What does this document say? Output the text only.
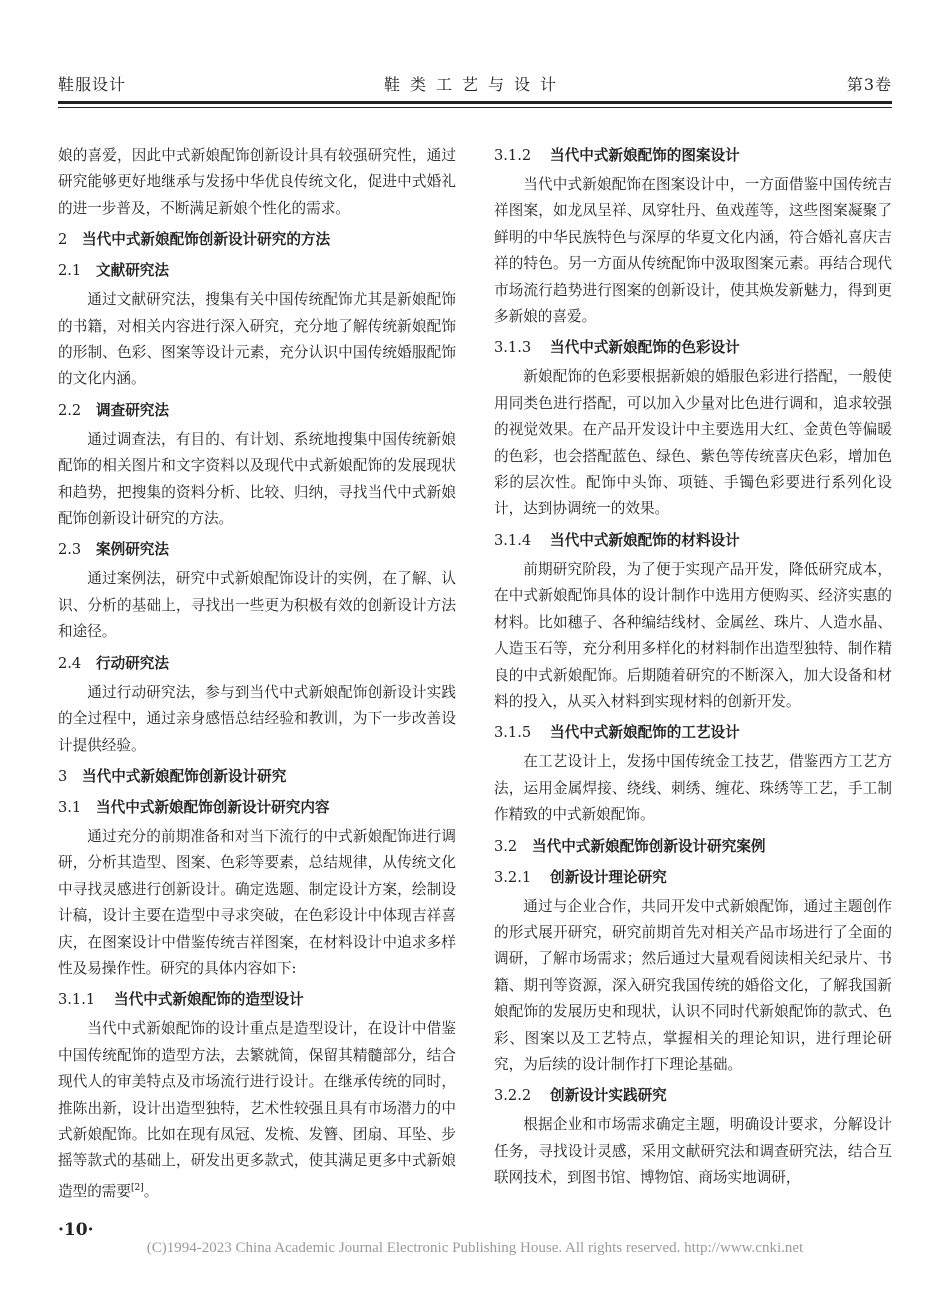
鞋服设计	鞋类工艺与设计	第3卷

娘的喜爱，因此中式新娘配饰创新设计具有较强研究性，通过研究能够更好地继承与发扬中华优良传统文化，促进中式婚礼的进一步普及，不断满足新娘个性化的需求。

2 当代中式新娘配饰创新设计研究的方法
2.1 文献研究法

通过文献研究法，搜集有关中国传统配饰尤其是新娘配饰的书籍，对相关内容进行深入研究，充分地了解传统新娘配饰的形制、色彩、图案等设计元素，充分认识中国传统婚服配饰的文化内涵。

2.2 调查研究法

通过调查法，有目的、有计划、系统地搜集中国传统新娘配饰的相关图片和文字资料以及现代中式新娘配饰的发展现状和趋势，把搜集的资料分析、比较、归纳，寻找当代中式新娘配饰创新设计研究的方法。

2.3 案例研究法

通过案例法，研究中式新娘配饰设计的实例，在了解、认识、分析的基础上，寻找出一些更为积极有效的创新设计方法和途径。

2.4 行动研究法

通过行动研究法，参与到当代中式新娘配饰创新设计实践的全过程中，通过亲身感悟总结经验和教训，为下一步改善设计提供经验。

3 当代中式新娘配饰创新设计研究
3.1 当代中式新娘配饰创新设计研究内容

通过充分的前期准备和对当下流行的中式新娘配饰进行调研，分析其造型、图案、色彩等要素，总结规律，从传统文化中寻找灵感进行创新设计。确定选题、制定设计方案，绘制设计稿，设计主要在造型中寻求突破，在色彩设计中体现吉祥喜庆，在图案设计中借鉴传统吉祥图案，在材料设计中追求多样性及易操作性。研究的具体内容如下:

3.1.1 当代中式新娘配饰的造型设计

当代中式新娘配饰的设计重点是造型设计，在设计中借鉴中国传统配饰的造型方法，去繁就简，保留其精髓部分，结合现代人的审美特点及市场流行进行设计。在继承传统的同时，推陈出新，设计出造型独特，艺术性较强且具有市场潜力的中式新娘配饰。比如在现有凤冠、发梳、发簪、团扇、耳坠、步摇等款式的基础上，研发出更多款式，使其满足更多中式新娘造型的需要[2]。

3.1.2 当代中式新娘配饰的图案设计

当代中式新娘配饰在图案设计中，一方面借鉴中国传统吉祥图案，如龙凤呈祥、凤穿牡丹、鱼戏莲等，这些图案凝聚了鲜明的中华民族特色与深厚的华夏文化内涵，符合婚礼喜庆吉祥的特色。另一方面从传统配饰中汲取图案元素。再结合现代市场流行趋势进行图案的创新设计，使其焕发新魅力，得到更多新娘的喜爱。

3.1.3 当代中式新娘配饰的色彩设计

新娘配饰的色彩要根据新娘的婚服色彩进行搭配，一般使用同类色进行搭配，可以加入少量对比色进行调和，追求较强的视觉效果。在产品开发设计中主要选用大红、金黄色等偏暖的色彩，也会搭配蓝色、绿色、紫色等传统喜庆色彩，增加色彩的层次性。配饰中头饰、项链、手镯色彩要进行系列化设计，达到协调统一的效果。

3.1.4 当代中式新娘配饰的材料设计

前期研究阶段，为了便于实现产品开发，降低研究成本，在中式新娘配饰具体的设计制作中选用方便购买、经济实惠的材料。比如穗子、各种编结线材、金属丝、珠片、人造水晶、人造玉石等，充分利用多样化的材料制作出造型独特、制作精良的中式新娘配饰。后期随着研究的不断深入，加大设备和材料的投入，从买入材料到实现材料的创新开发。

3.1.5 当代中式新娘配饰的工艺设计

在工艺设计上，发扬中国传统金工技艺，借鉴西方工艺方法，运用金属焊接、绕线、刺绣、缠花、珠绣等工艺，手工制作精致的中式新娘配饰。

3.2 当代中式新娘配饰创新设计研究案例
3.2.1 创新设计理论研究

通过与企业合作，共同开发中式新娘配饰，通过主题创作的形式展开研究，研究前期首先对相关产品市场进行了全面的调研，了解市场需求；然后通过大量观看阅读相关纪录片、书籍、期刊等资源，深入研究我国传统的婚俗文化，了解我国新娘配饰的发展历史和现状，认识不同时代新娘配饰的款式、色彩、图案以及工艺特点，掌握相关的理论知识，进行理论研究，为后续的设计制作打下理论基础。

3.2.2 创新设计实践研究

根据企业和市场需求确定主题，明确设计要求，分解设计任务，寻找设计灵感，采用文献研究法和调查研究法，结合互联网技术，到图书馆、博物馆、商场实地调研，

·10·
(C)1994-2023 China Academic Journal Electronic Publishing House. All rights reserved. http://www.cnki.net
